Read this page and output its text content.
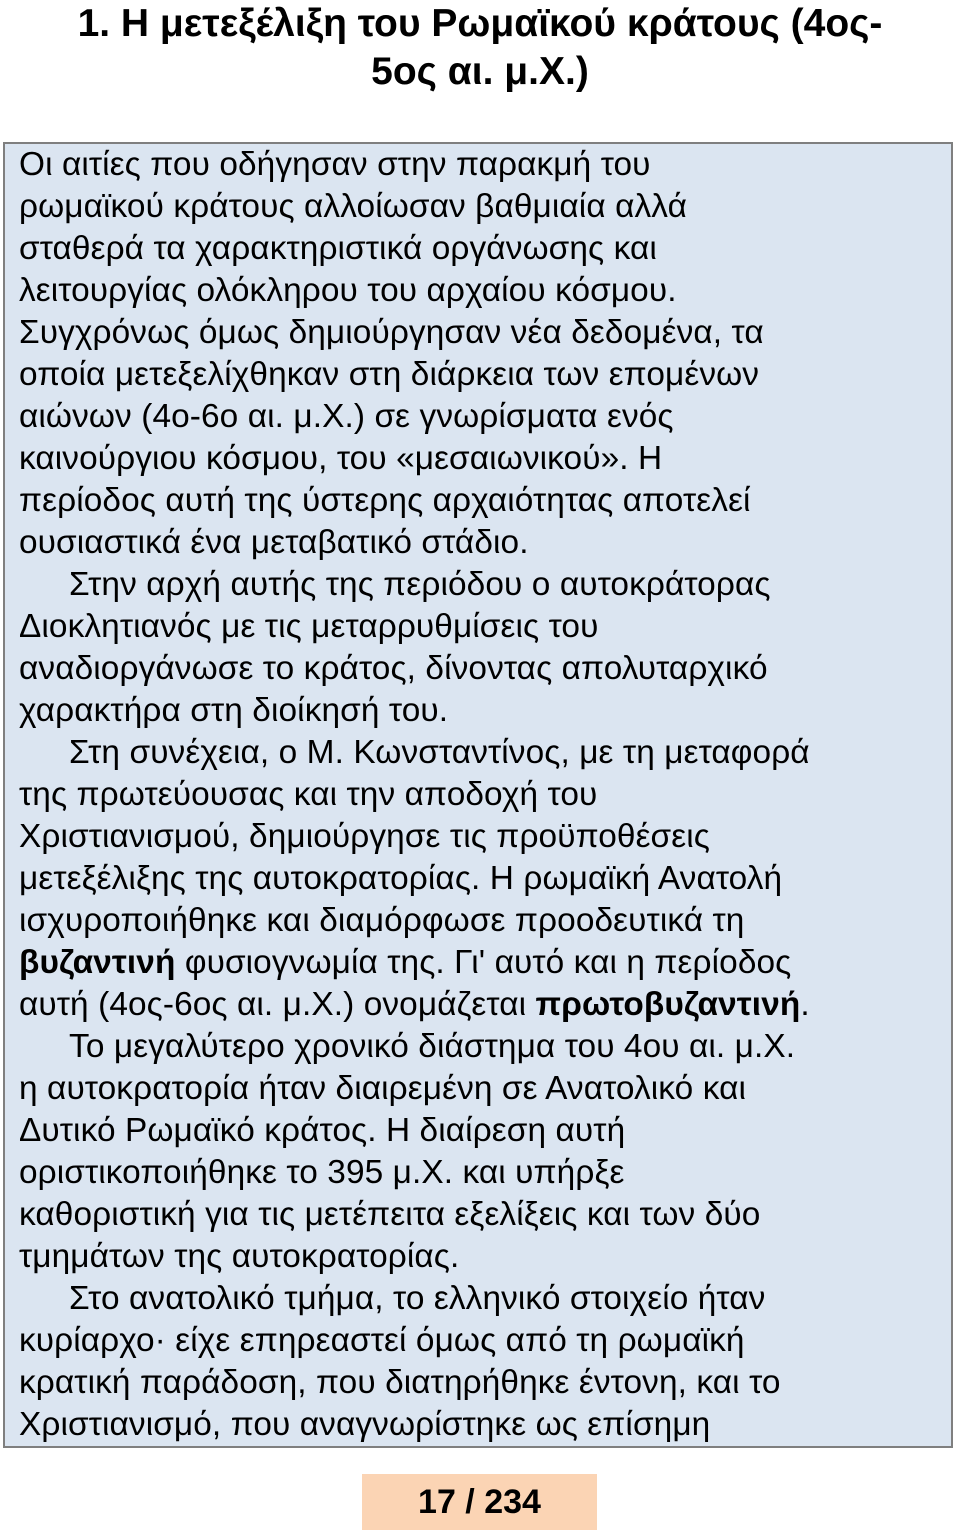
1. Η μετεξέλιξη του Ρωμαϊκού κράτους (4ος-
5ος αι. μ.Χ.)
Οι αιτίες που οδήγησαν στην παρακμή του
ρωμαϊκού κράτους αλλοίωσαν βαθμιαία αλλά
σταθερά τα χαρακτηριστικά οργάνωσης και
λειτουργίας ολόκληρου του αρχαίου κόσμου.
Συγχρόνως όμως δημιούργησαν νέα δεδομένα, τα
οποία μετεξελίχθηκαν στη διάρκεια των επομένων
αιώνων (4ο-6ο αι. μ.Χ.) σε γνωρίσματα ενός
καινούργιου κόσμου, του «μεσαιωνικού». Η
περίοδος αυτή της ύστερης αρχαιότητας αποτελεί
ουσιαστικά ένα μεταβατικό στάδιο.
Στην αρχή αυτής της περιόδου ο αυτοκράτορας
Διοκλητιανός με τις μεταρρυθμίσεις του
αναδιοργάνωσε το κράτος, δίνοντας απολυταρχικό
χαρακτήρα στη διοίκησή του.
Στη συνέχεια, ο Μ. Κωνσταντίνος, με τη μεταφορά
της πρωτεύουσας και την αποδοχή του
Χριστιανισμού, δημιούργησε τις προϋποθέσεις
μετεξέλιξης της αυτοκρατορίας. Η ρωμαϊκή Ανατολή
ισχυροποιήθηκε και διαμόρφωσε προοδευτικά τη
βυζαντινή φυσιογνωμία της. Γι' αυτό και η περίοδος
αυτή (4ος-6ος αι. μ.Χ.) ονομάζεται πρωτοβυζαντινή.
Το μεγαλύτερο χρονικό διάστημα του 4ου αι. μ.Χ.
η αυτοκρατορία ήταν διαιρεμένη σε Ανατολικό και
Δυτικό Ρωμαϊκό κράτος. Η διαίρεση αυτή
οριστικοποιήθηκε το 395 μ.Χ. και υπήρξε
καθοριστική για τις μετέπειτα εξελίξεις και των δύο
τμημάτων της αυτοκρατορίας.
Στο ανατολικό τμήμα, το ελληνικό στοιχείο ήταν
κυρίαρχο· είχε επηρεαστεί όμως από τη ρωμαϊκή
κρατική παράδοση, που διατηρήθηκε έντονη, και το
Χριστιανισμό, που αναγνωρίστηκε ως επίσημη
17 / 234
